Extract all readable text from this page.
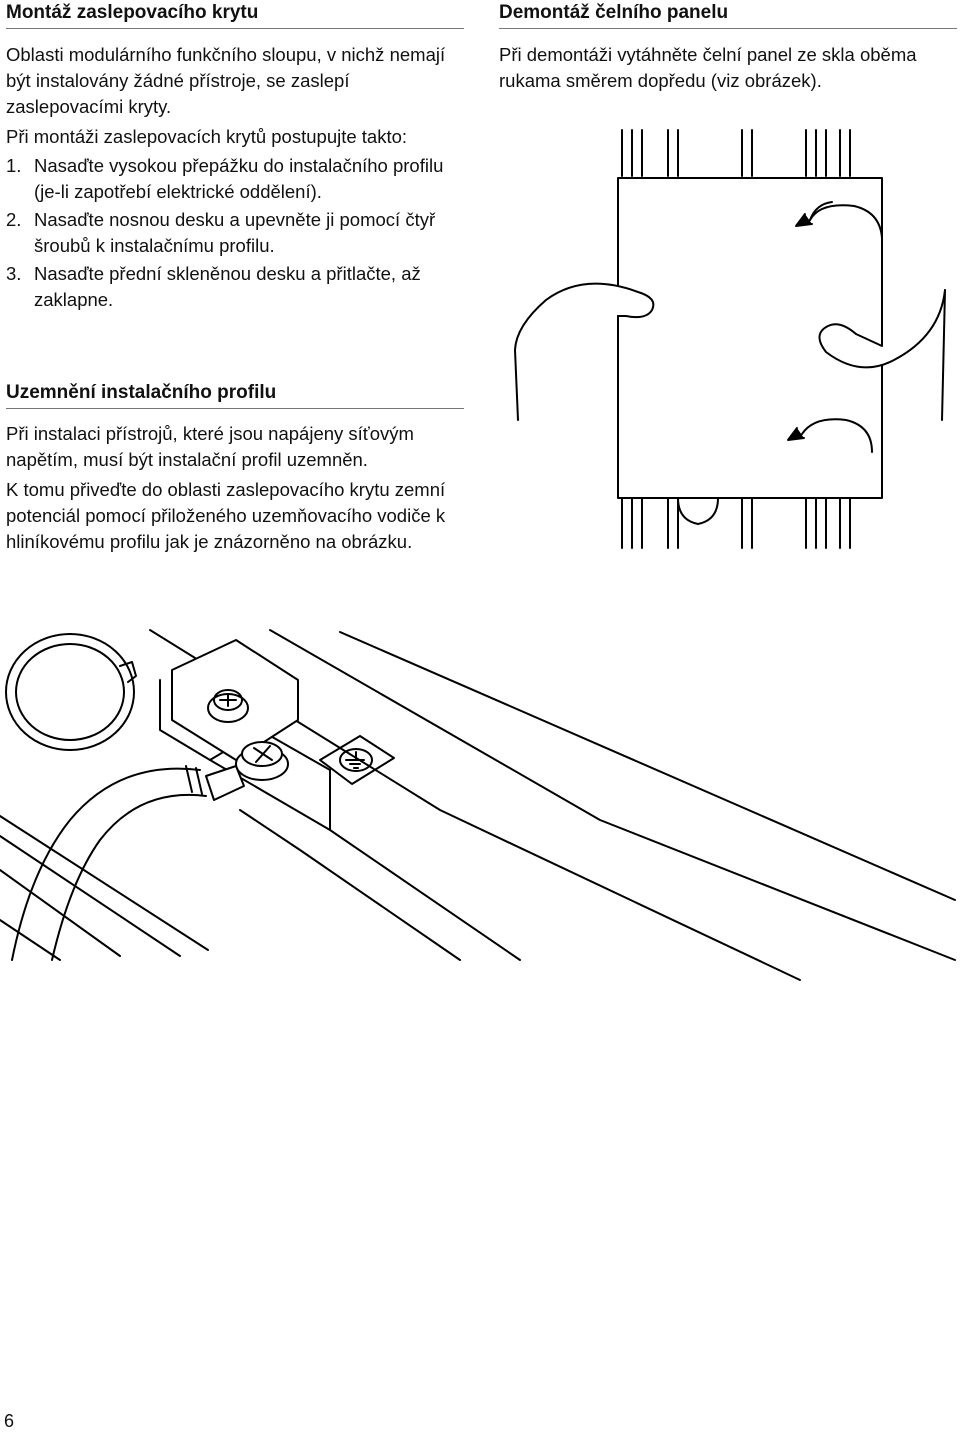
Montáž zaslepovacího krytu

Oblasti modulárního funkčního sloupu, v nichž nemají být instalovány žádné přístroje, se zaslepí zaslepovacími kryty.

Při montáži zaslepovacích krytů postupujte takto:

1. Nasaďte vysokou přepážku do instalačního profilu (je-li zapotřebí elektrické oddělení).
2. Nasaďte nosnou desku a upevněte ji pomocí čtyř šroubů k instalačnímu profilu.
3. Nasaďte přední skleněnou desku a přitlačte, až zaklapne.
Uzemnění instalačního profilu

Při instalaci přístrojů, které jsou napájeny síťovým napětím, musí být instalační profil uzemněn.

K tomu přiveďte do oblasti zaslepovacího krytu zemní potenciál pomocí přiloženého uzemňovacího vodiče k hliníkovému profilu jak je znázorněno na obrázku.

Demontáž čelního panelu

Při demontáži vytáhněte čelní panel ze skla oběma rukama směrem dopředu (viz obrázek).

6
